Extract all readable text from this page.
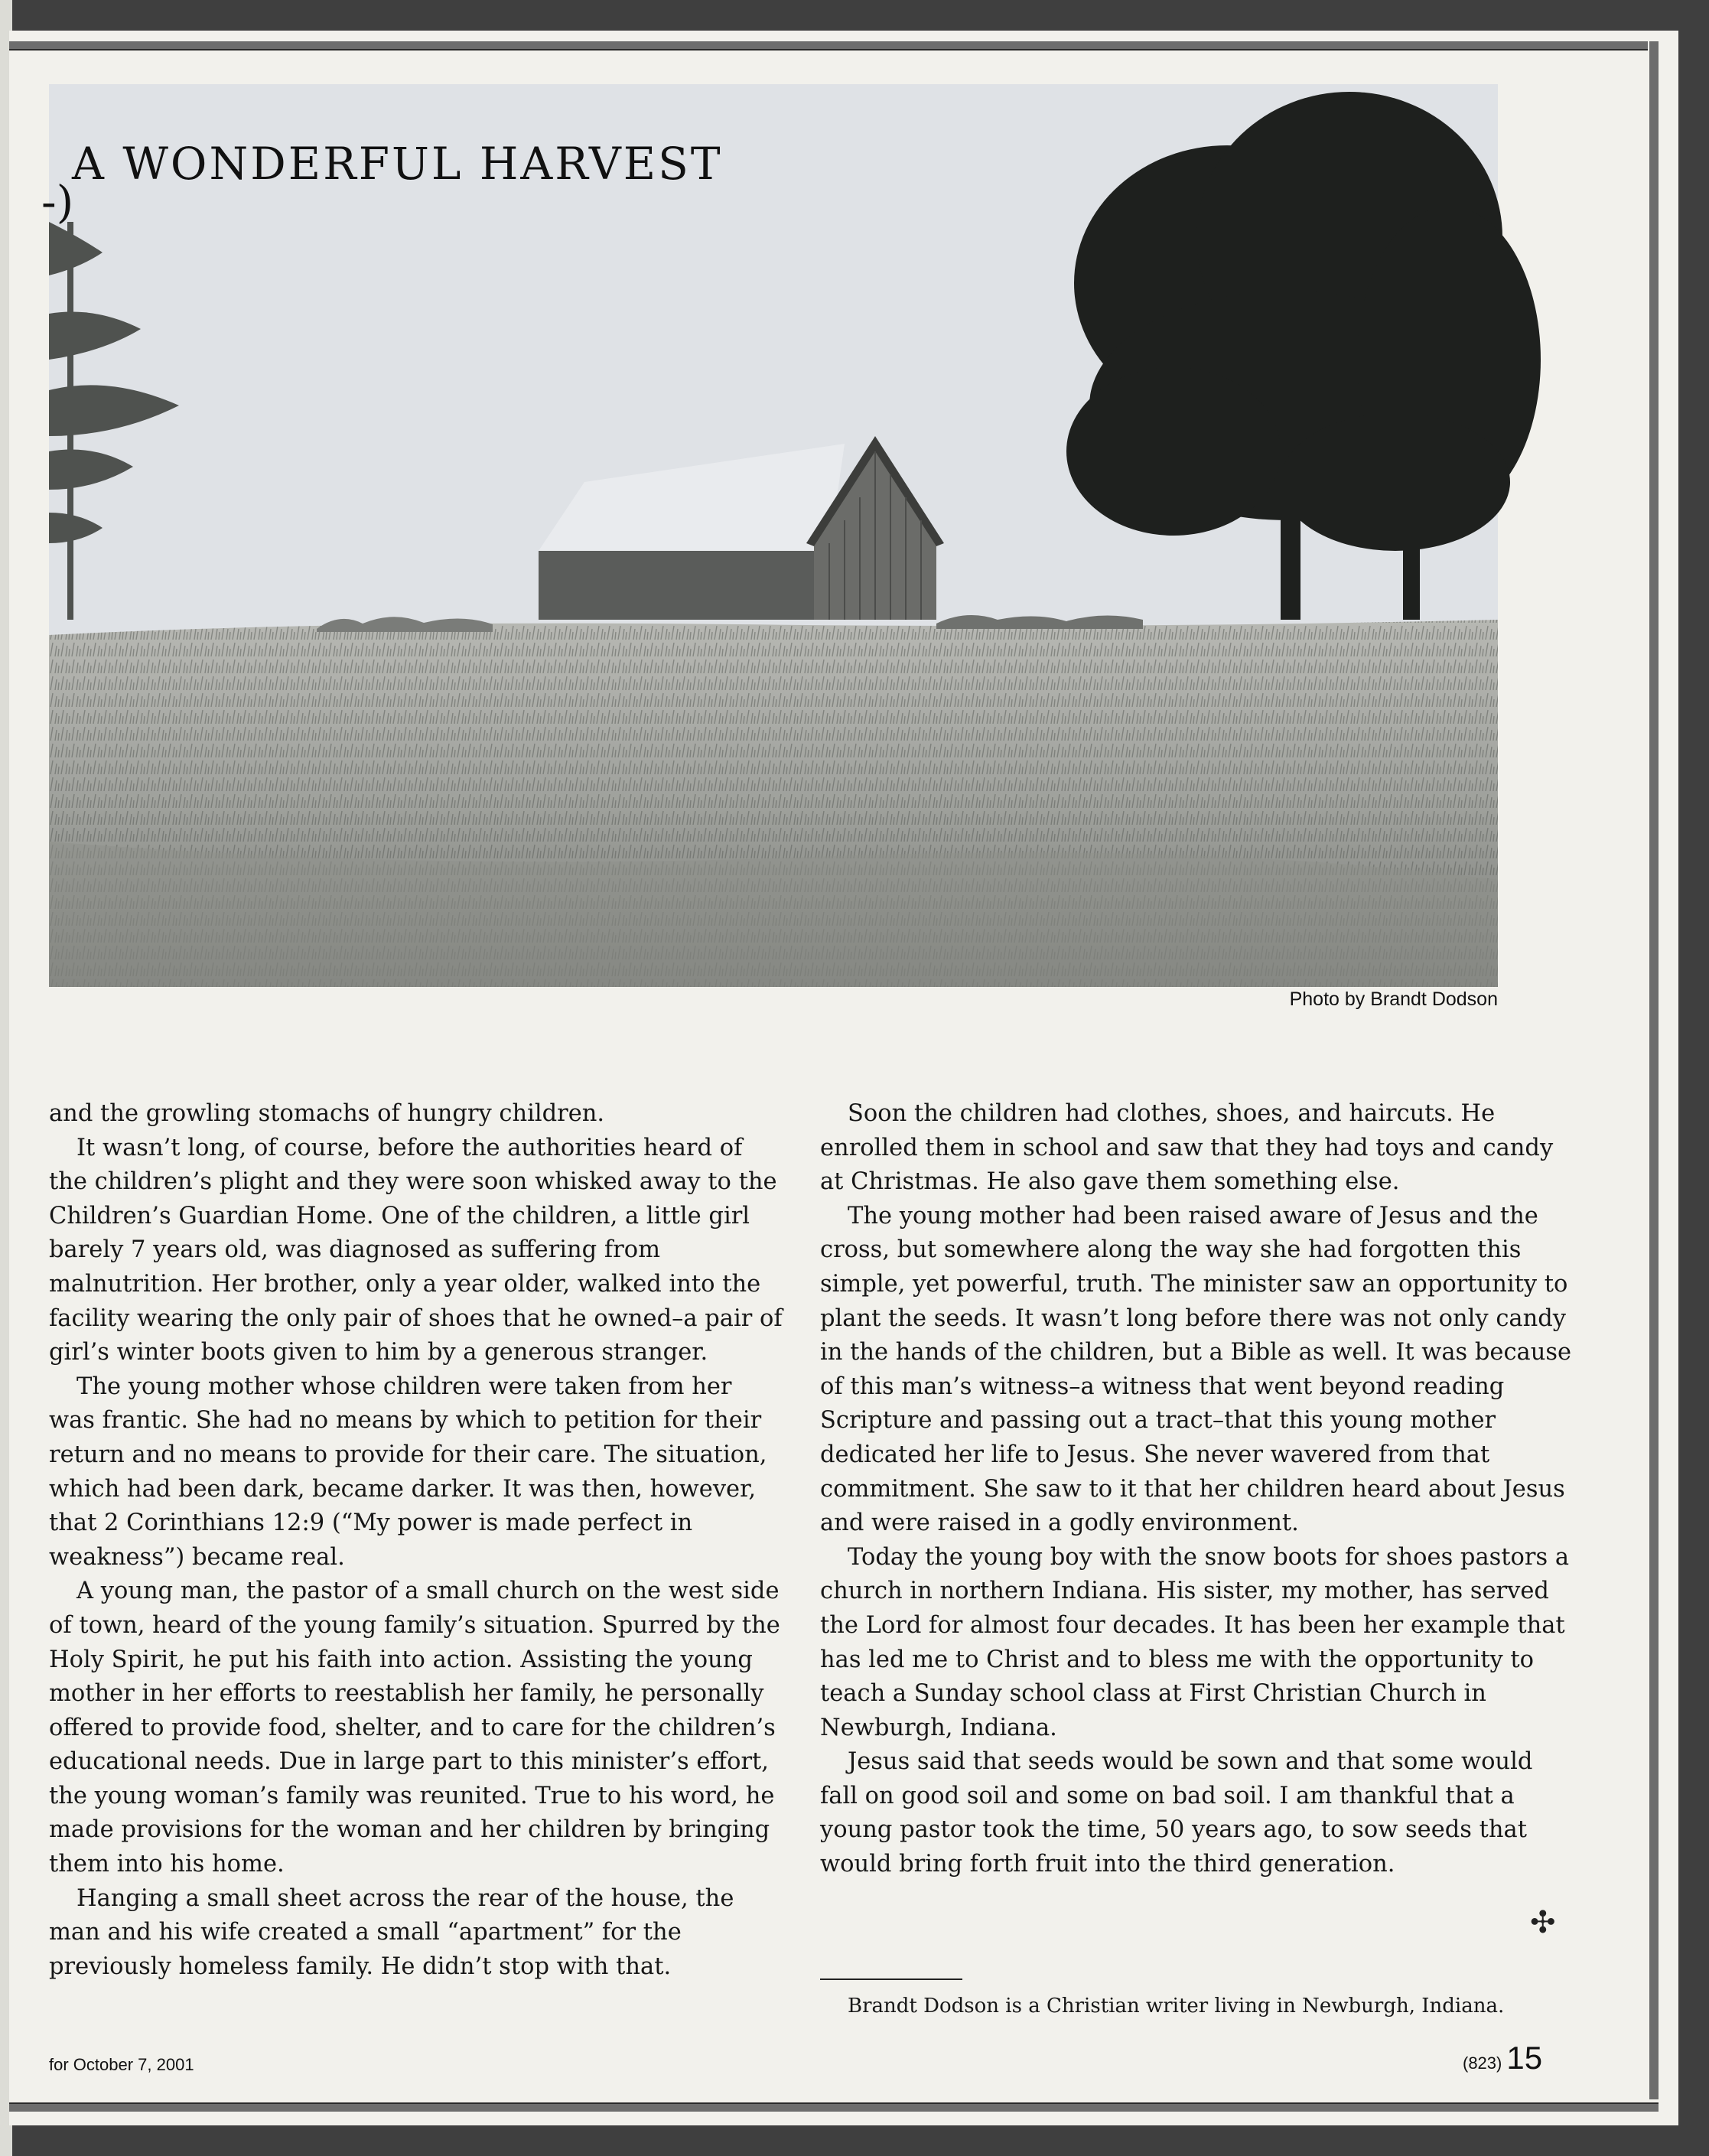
-)
A WONDERFUL HARVEST
Photo by Brandt Dodson

and the growling stomachs of hungry children.

It wasn’t long, of course, before the authorities heard of the children’s plight and they were soon whisked away to the Children’s Guardian Home. One of the children, a little girl barely 7 years old, was diagnosed as suffering from malnutrition. Her brother, only a year older, walked into the facility wearing the only pair of shoes that he owned–a pair of girl’s winter boots given to him by a generous stranger.

The young mother whose children were taken from her was frantic. She had no means by which to petition for their return and no means to provide for their care. The situation, which had been dark, became darker. It was then, however, that 2 Corinthians 12:9 (“My power is made perfect in weakness”) became real.

A young man, the pastor of a small church on the west side of town, heard of the young family’s situation. Spurred by the Holy Spirit, he put his faith into action. Assisting the young mother in her efforts to reestablish her family, he personally offered to provide food, shelter, and to care for the children’s educational needs. Due in large part to this minister’s effort, the young woman’s family was reunited. True to his word, he made provisions for the woman and her children by bringing them into his home.

Hanging a small sheet across the rear of the house, the man and his wife created a small “apartment” for the previously homeless family. He didn’t stop with that.

Soon the children had clothes, shoes, and haircuts. He enrolled them in school and saw that they had toys and candy at Christmas. He also gave them something else.

The young mother had been raised aware of Jesus and the cross, but somewhere along the way she had forgotten this simple, yet powerful, truth. The minister saw an opportunity to plant the seeds. It wasn’t long before there was not only candy in the hands of the children, but a Bible as well. It was because of this man’s witness–a witness that went beyond reading Scripture and passing out a tract–that this young mother dedicated her life to Jesus. She never wavered from that commitment. She saw to it that her children heard about Jesus and were raised in a godly environment.

Today the young boy with the snow boots for shoes pastors a church in northern Indiana. His sister, my mother, has served the Lord for almost four decades. It has been her example that has led me to Christ and to bless me with the opportunity to teach a Sunday school class at First Christian Church in Newburgh, Indiana.

Jesus said that seeds would be sown and that some would fall on good soil and some on bad soil. I am thankful that a young pastor took the time, 50 years ago, to sow seeds that would bring forth fruit into the third generation.

✣

Brandt Dodson is a Christian writer living in Newburgh, Indiana.

for October 7, 2001	(823) 15
